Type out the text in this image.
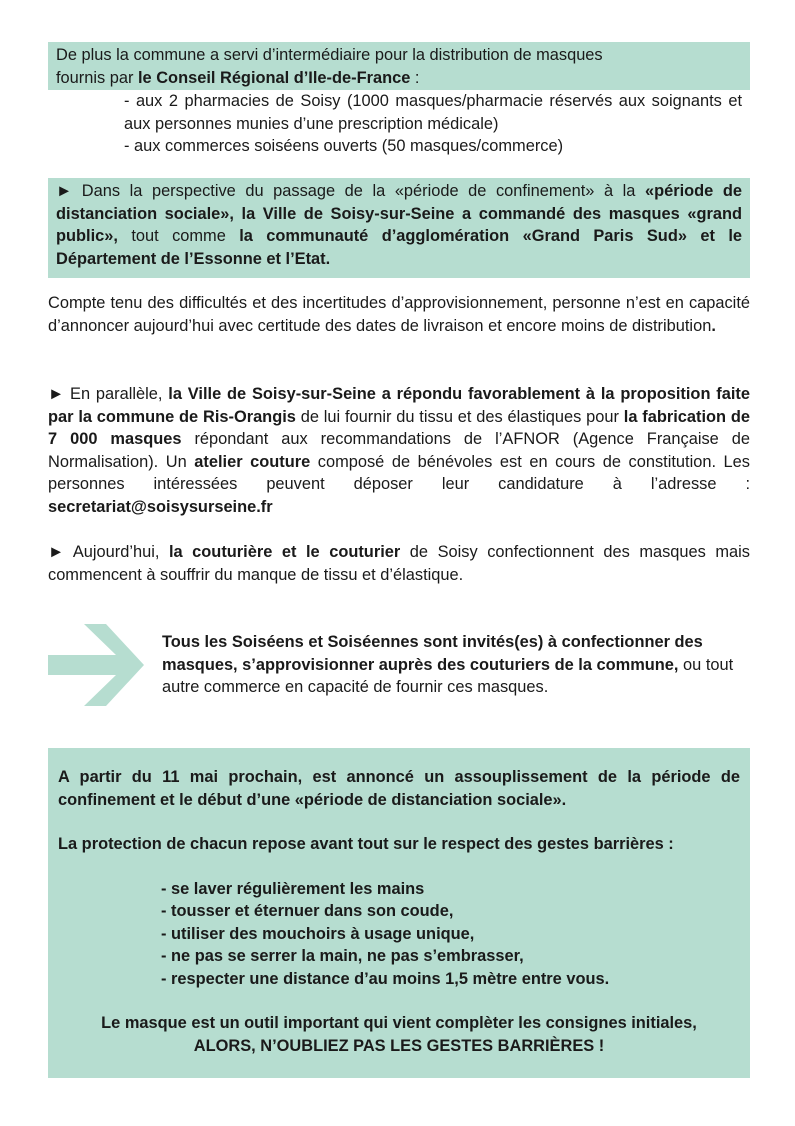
De plus la commune a servi d’intermédiaire pour la distribution de masques

fournis par le Conseil Régional d’Ile-de-France :

- aux 2 pharmacies de Soisy (1000 masques/pharmacie réservés aux soignants et aux personnes munies d’une prescription médicale)
- aux commerces soiséens ouverts (50 masques/commerce)

► Dans la perspective du passage de la «période de confinement» à la «période de distanciation sociale», la Ville de Soisy-sur-Seine a commandé des masques «grand public», tout comme la communauté d’agglomération «Grand Paris Sud» et le Département de l’Essonne et l’Etat.

Compte tenu des difficultés et des incertitudes d’approvisionnement, personne n’est en capacité d’annoncer aujourd’hui avec certitude des dates de livraison et encore moins de distribution.

► En parallèle, la Ville de Soisy-sur-Seine a répondu favorablement à la proposition faite par la commune de Ris-Orangis de lui fournir du tissu et des élastiques pour la fabrication de 7 000 masques répondant aux recommandations de l’AFNOR (Agence Française de Normalisation). Un atelier couture composé de bénévoles est en cours de constitution. Les personnes intéressées peuvent déposer leur candidature à l’adresse : secretariat@soisysurseine.fr

► Aujourd’hui, la couturière et le couturier de Soisy confectionnent des masques mais commencent à souffrir du manque de tissu et d’élastique.

Tous les Soiséens et Soiséennes sont invités(es) à confectionner des masques, s’approvisionner auprès des couturiers de la commune, ou tout autre commerce en capacité de fournir ces masques.

A partir du 11 mai prochain, est annoncé un assouplissement de la période de confinement et le début d’une «période de distanciation sociale».

La protection de chacun repose avant tout sur le respect des gestes barrières :

- se laver régulièrement les mains
- tousser et éternuer dans son coude,
- utiliser des mouchoirs à usage unique,
- ne pas se serrer la main, ne pas s’embrasser,
- respecter une distance d’au moins 1,5 mètre entre vous.

Le masque est un outil important qui vient complèter les consignes initiales,

ALORS, N’OUBLIEZ PAS LES GESTES BARRIÈRES !
